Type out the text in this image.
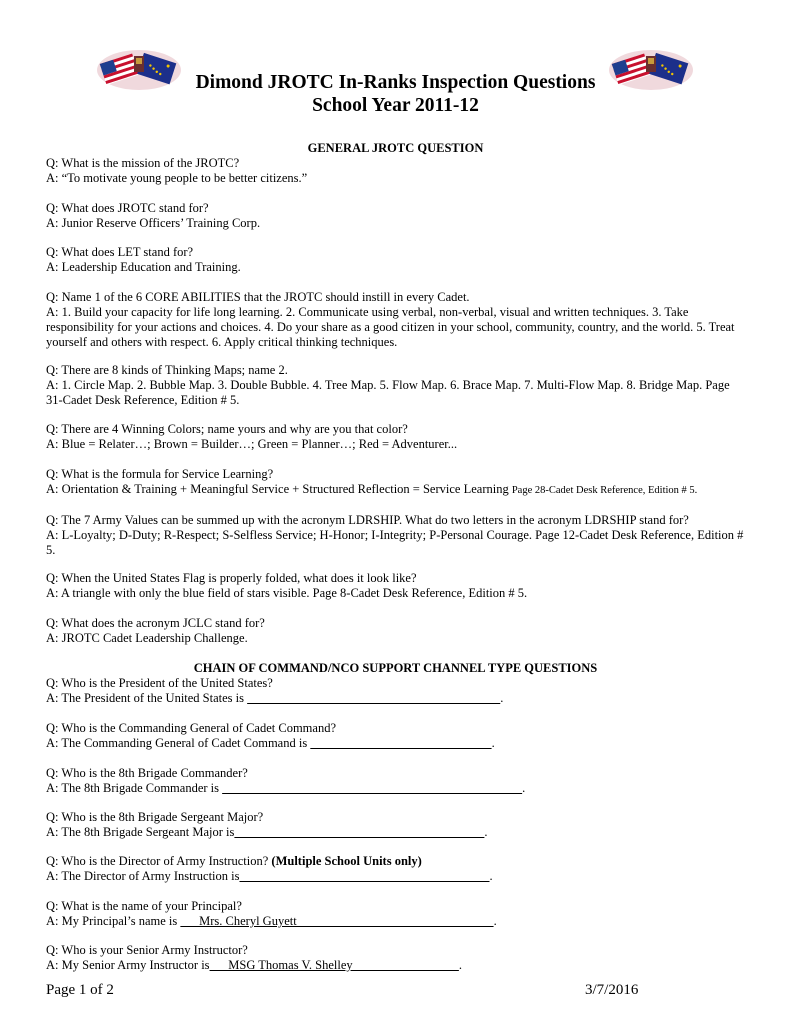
Dimond JROTC In-Ranks Inspection Questions
School Year 2011-12
GENERAL JROTC QUESTION
Q: What is the mission of the JROTC?
A: “To motivate young people to be better citizens.”
Q: What does JROTC stand for?
A: Junior Reserve Officers’ Training Corp.
Q: What does LET stand for?
A: Leadership Education and Training.
Q: Name 1 of the 6 CORE ABILITIES that the JROTC should instill in every Cadet.
A: 1. Build your capacity for life long learning. 2. Communicate using verbal, non-verbal, visual and written techniques. 3. Take responsibility for your actions and choices. 4. Do your share as a good citizen in your school, community, country, and the world. 5. Treat yourself and others with respect. 6. Apply critical thinking techniques.
Q: There are 8 kinds of Thinking Maps; name 2.
A: 1. Circle Map. 2. Bubble Map. 3. Double Bubble. 4. Tree Map. 5. Flow Map. 6. Brace Map. 7. Multi-Flow Map. 8. Bridge Map. Page 31-Cadet Desk Reference, Edition # 5.
Q: There are 4 Winning Colors; name yours and why are you that color?
A: Blue = Relater…; Brown = Builder…; Green = Planner…; Red = Adventurer...
Q: What is the formula for Service Learning?
A: Orientation & Training + Meaningful Service + Structured Reflection = Service Learning Page 28-Cadet Desk Reference, Edition # 5.
Q: The 7 Army Values can be summed up with the acronym LDRSHIP. What do two letters in the acronym LDRSHIP stand for?
A: L-Loyalty; D-Duty; R-Respect; S-Selfless Service; H-Honor; I-Integrity; P-Personal Courage. Page 12-Cadet Desk Reference, Edition # 5.
Q: When the United States Flag is properly folded, what does it look like?
A: A triangle with only the blue field of stars visible. Page 8-Cadet Desk Reference, Edition # 5.
Q: What does the acronym JCLC stand for?
A: JROTC Cadet Leadership Challenge.
CHAIN OF COMMAND/NCO SUPPORT CHANNEL TYPE QUESTIONS
Q: Who is the President of the United States?
A: The President of the United States is	.
Q: Who is the Commanding General of Cadet Command?
A: The Commanding General of Cadet Command is	.
Q: Who is the 8th Brigade Commander?
A: The 8th Brigade Commander is	.
Q: Who is the 8th Brigade Sergeant Major?
A: The 8th Brigade Sergeant Major is	.
Q: Who is the Director of Army Instruction? (Multiple School Units only)
A: The Director of Army Instruction is	.
Q: What is the name of your Principal?
A: My Principal’s name is       Mrs. Cheryl Guyett                                                               .
Q: Who is your Senior Army Instructor?
A: My Senior Army Instructor is      MSG Thomas V. Shelley                                  .
Page 1 of 2	3/7/2016
